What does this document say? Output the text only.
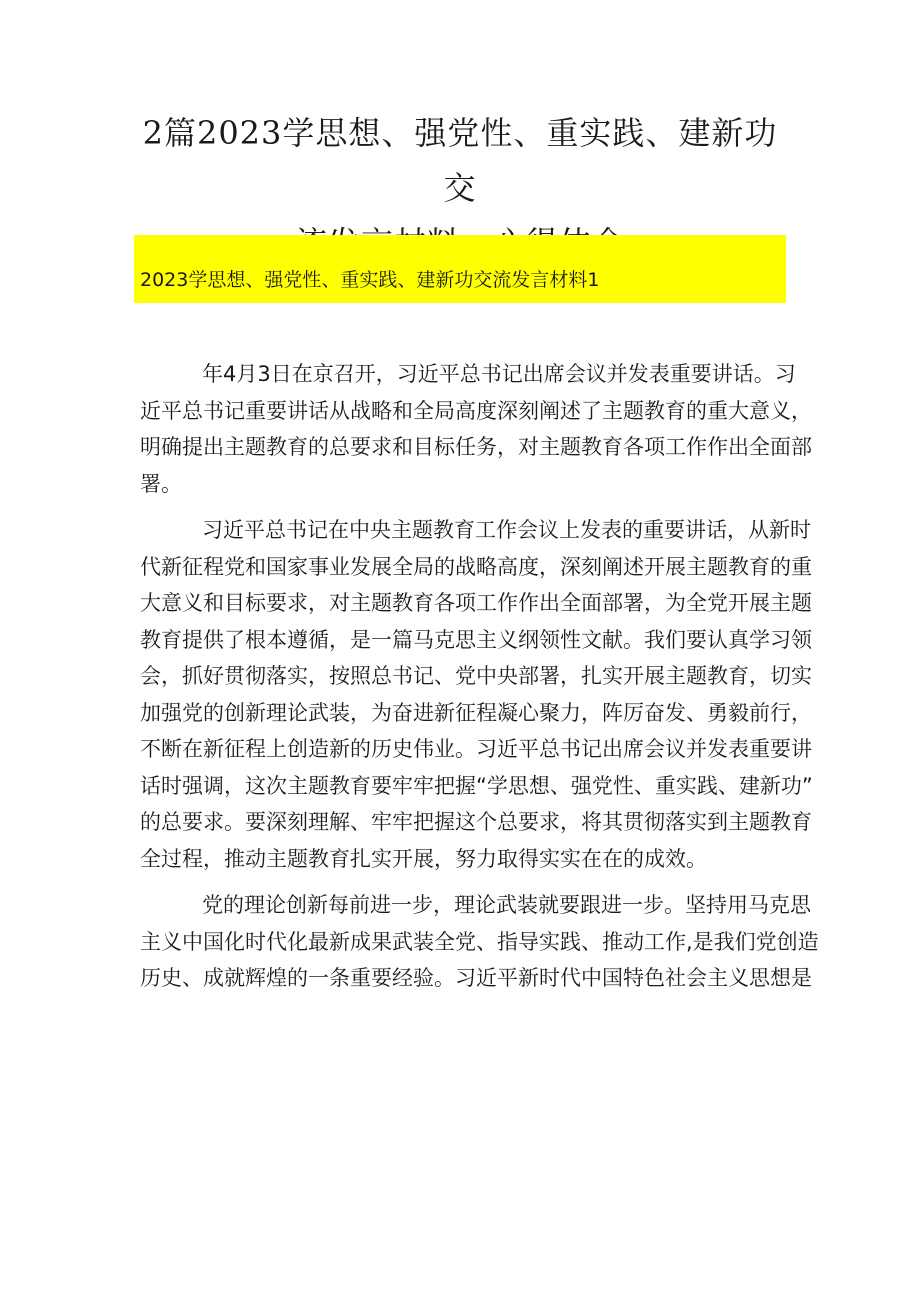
2篇2023学思想、强党性、重实践、建新功交

2023学思想、强党性、重实践、建新功交流发言材料1

年4月3日在京召开，习近平总书记出席会议并发表重要讲话。习
近平总书记重要讲话从战略和全局高度深刻阐述了主题教育的重大意义，
明确提出主题教育的总要求和目标任务，对主题教育各项工作作出全面部
署。
习近平总书记在中央主题教育工作会议上发表的重要讲话，从新时
代新征程党和国家事业发展全局的战略高度，深刻阐述开展主题教育的重
大意义和目标要求，对主题教育各项工作作出全面部署，为全党开展主题
教育提供了根本遵循，是一篇马克思主义纲领性文献。我们要认真学习领
会，抓好贯彻落实，按照总书记、党中央部署，扎实开展主题教育，切实
加强党的创新理论武装，为奋进新征程凝心聚力，阵厉奋发、勇毅前行，
不断在新征程上创造新的历史伟业。习近平总书记出席会议并发表重要讲
话时强调，这次主题教育要牢牢把握“学思想、强党性、重实践、建新功”
的总要求。要深刻理解、牢牢把握这个总要求，将其贯彻落实到主题教育
全过程，推动主题教育扎实开展，努力取得实实在在的成效。
党的理论创新每前进一步，理论武装就要跟进一步。坚持用马克思
主义中国化时代化最新成果武装全党、指导实践、推动工作,是我们党创造
历史、成就辉煌的一条重要经验。习近平新时代中国特色社会主义思想是
